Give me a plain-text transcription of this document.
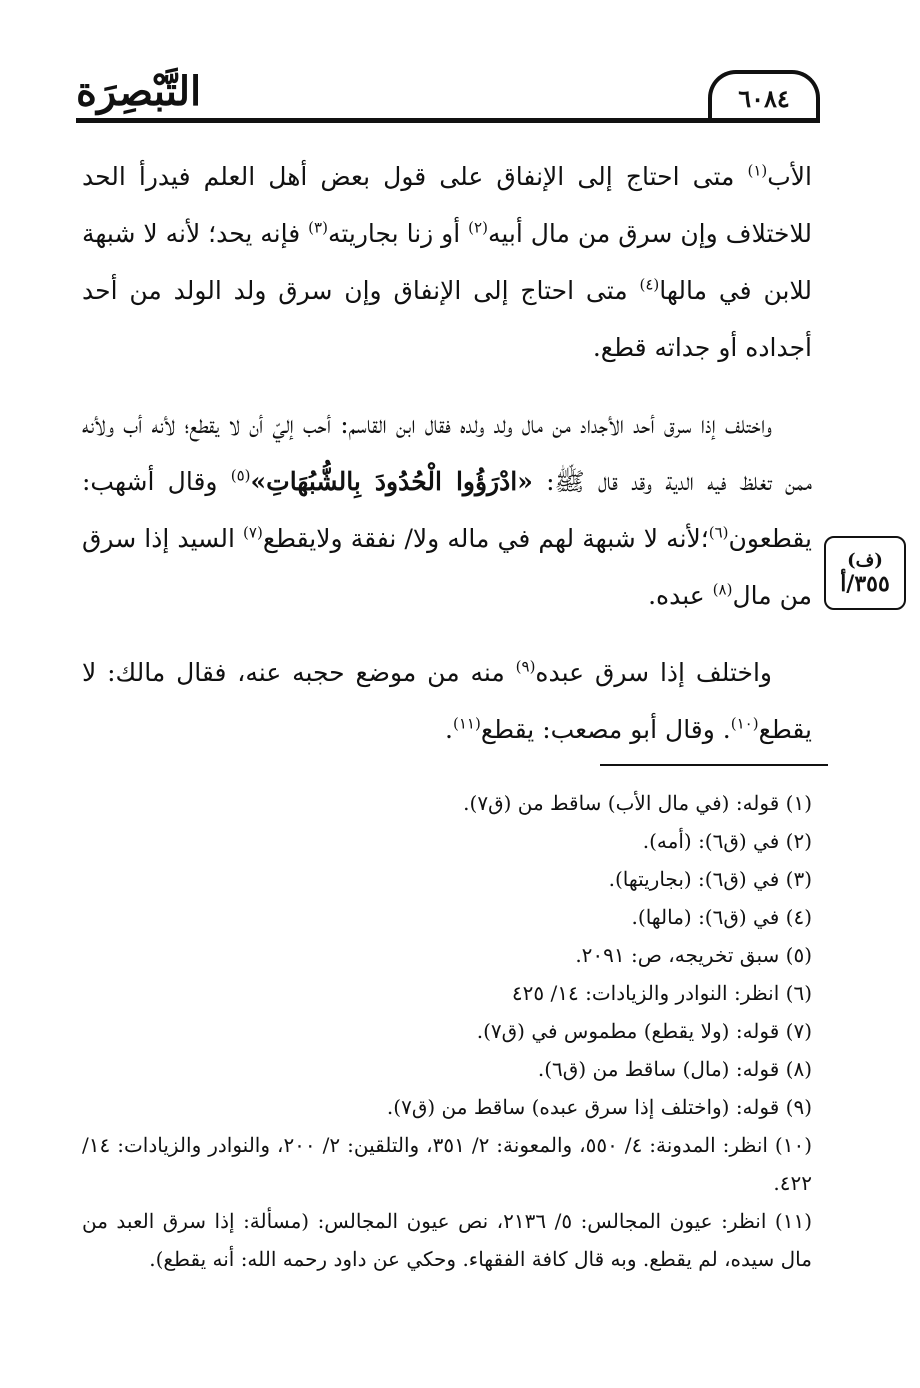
التَّبْصِرَة	٦٠٨٤
(ف)
٣٥٥/أ

الأب$^{(١)}$ متى احتاج إلى الإنفاق على قول بعض أهل العلم فيدرأ الحد للاختلاف وإن سرق من مال أبيه$^{(٢)}$ أو زنا بجاريته$^{(٣)}$ فإنه يحد؛ لأنه لا شبهة للابن في مالها$^{(٤)}$ متى احتاج إلى الإنفاق وإن سرق ولد الولد من أحد أجداده أو جداته قطع.

واختلف إذا سرق أحد الأجداد من مال ولد ولده فقال ابن القاسم: أحب إليّ أن لا يقطع؛ لأنه أب ولأنه ممن تغلظ فيه الدية وقد قال ﷺ: «ادْرَؤُوا الْحُدُودَ بِالشُّبُهَاتِ»$^{(٥)}$ وقال أشهب: يقطعون$^{(٦)}$؛لأنه لا شبهة لهم في ماله ولا/ نفقة ولايقطع$^{(٧)}$ السيد إذا سرق من مال$^{(٨)}$ عبده.

واختلف إذا سرق عبده$^{(٩)}$ منه من موضع حجبه عنه، فقال مالك: لا يقطع$^{(١٠)}$. وقال أبو مصعب: يقطع$^{(١١)}$.

(١) قوله: (في مال الأب) ساقط من (ق٧).

(٢) في (ق٦): (أمه).

(٣) في (ق٦): (بجاريتها).

(٤) في (ق٦): (مالها).

(٥) سبق تخريجه، ص: ٢٠٩١.

(٦) انظر: النوادر والزيادات: ١٤/ ٤٢٥

(٧) قوله: (ولا يقطع) مطموس في (ق٧).

(٨) قوله: (مال) ساقط من (ق٦).

(٩) قوله: (واختلف إذا سرق عبده) ساقط من (ق٧).

(١٠) انظر: المدونة: ٤/ ٥٥٠، والمعونة: ٢/ ٣٥١، والتلقين: ٢/ ٢٠٠، والنوادر والزيادات: ١٤/ ٤٢٢.

(١١) انظر: عيون المجالس: ٥/ ٢١٣٦، نص عيون المجالس: (مسألة: إذا سرق العبد من مال سيده، لم يقطع. وبه قال كافة الفقهاء. وحكي عن داود رحمه الله: أنه يقطع).
